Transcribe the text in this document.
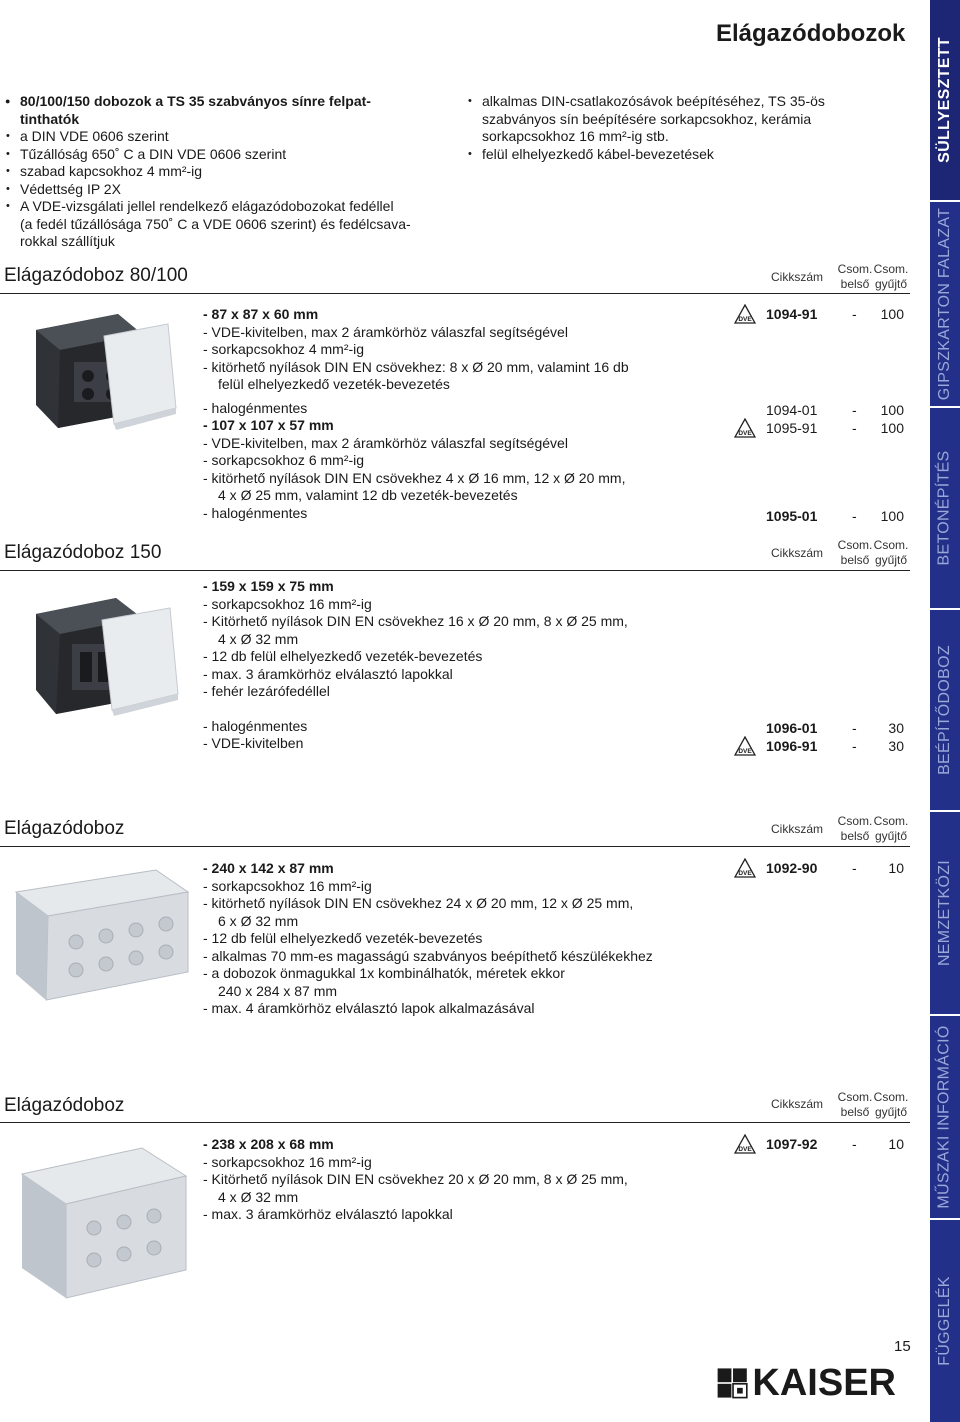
Elágazódobozok
● 80/100/150 dobozok a TS 35 szabványos sínre felpat-
tinthatók
• a DIN VDE 0606 szerint
• Tűzállóság 650˚ C a DIN VDE 0606 szerint
• szabad kapcsokhoz 4 mm²-ig
• Védettség IP 2X
• A VDE-vizsgálati jellel rendelkező elágazódobozokat fedéllel
(a fedél tűzállósága 750˚ C a VDE 0606 szerint) és fedélcsava-
rokkal szállítjuk
• alkalmas DIN-csatlakozósávok beépítéséhez, TS 35-ös
szabványos sín beépítésére sorkapcsokhoz, kerámia
sorkapcsokhoz 16 mm²-ig stb.
• felül elhelyezkedő kábel-bevezetések
Elágazódoboz 80/100	Cikkszám
Csom.
belső
Csom.
gyűjtő
- 87 x 87 x 60 mm
- VDE-kivitelben, max 2 áramkörhöz válaszfal segítségével
- sorkapcsokhoz 4 mm²-ig
- kitörhető nyílások DIN EN csövekhez: 8 x Ø 20 mm, valamint 16 db
felül elhelyezkedő vezeték-bevezetés
- halogénmentes
- 107 x 107 x 57 mm
- VDE-kivitelben, max 2 áramkörhöz válaszfal segítségével
- sorkapcsokhoz 6 mm²-ig
- kitörhető nyílások DIN EN csövekhez 4 x Ø 16 mm, 12 x Ø 20 mm,
4 x Ø 25 mm, valamint 12 db vezeték-bevezetés
- halogénmentes
DVE 1094-91	-	100
1094-01	-	100
DVE 1095-91	-	100
1095-01	-	100
Elágazódoboz 150	Cikkszám
Csom.
belső
Csom.
gyűjtő
- 159 x 159 x 75 mm
- sorkapcsokhoz 16 mm²-ig
- Kitörhető nyílások DIN EN csövekhez 16 x Ø 20 mm, 8 x Ø 25 mm,
4 x Ø 32 mm
- 12 db felül elhelyezkedő vezeték-bevezetés
- max. 3 áramkörhöz elválasztó lapokkal
- fehér lezárófedéllel
- halogénmentes
- VDE-kivitelben
1096-01	-	30
DVE 1096-91	-	30
Elágazódoboz	Cikkszám
Csom.
belső
Csom.
gyűjtő
- 240 x 142 x 87 mm
- sorkapcsokhoz 16 mm²-ig
- kitörhető nyílások DIN EN csövekhez 24 x Ø 20 mm, 12 x Ø 25 mm,
6 x Ø 32 mm
- 12 db felül elhelyezkedő vezeték-bevezetés
- alkalmas 70 mm-es magasságú szabványos beépíthető készülékekhez
- a dobozok önmagukkal 1x kombinálhatók, méretek ekkor
240 x 284 x 87 mm
- max. 4 áramkörhöz elválasztó lapok alkalmazásával
DVE 1092-90	-	10
Elágazódoboz	Cikkszám	Csom.
belső
Csom.
gyűjtő
- 238 x 208 x 68 mm
- sorkapcsokhoz 16 mm²-ig
- Kitörhető nyílások DIN EN csövekhez 20 x Ø 20 mm, 8 x Ø 25 mm,
4 x Ø 32 mm
- max. 3 áramkörhöz elválasztó lapokkal
DVE 1097-92	-	10
15
KAISER
SÜLLYESZTETT
GIPSZKARTON FALAZAT
BETONÉPÍTÉS
BEÉPÍTŐDOBOZ
NEMZETKÖZI
MŰSZAKI INFORMÁCIÓ
FÜGGELÉK
